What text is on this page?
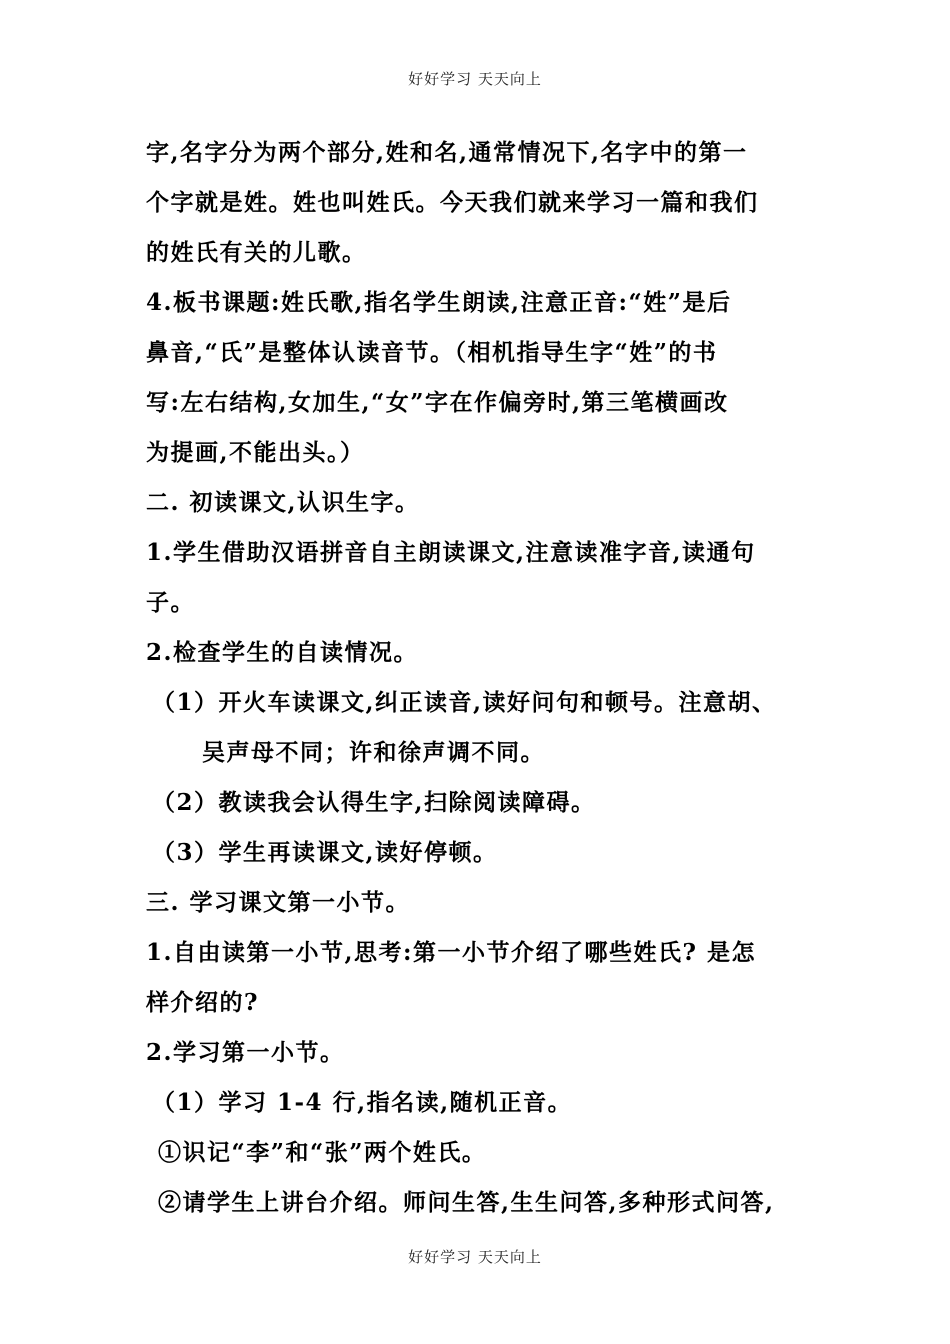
好好学习 天天向上
字,名字分为两个部分,姓和名,通常情况下,名字中的第一
个字就是姓。姓也叫姓氏。今天我们就来学习一篇和我们
的姓氏有关的儿歌。
4.板书课题:姓氏歌,指名学生朗读,注意正音:“姓”是后
鼻音,“氏”是整体认读音节。（相机指导生字“姓”的书
写:左右结构,女加生,“女”字在作偏旁时,第三笔横画改
为提画,不能出头。）
二. 初读课文,认识生字。
1.学生借助汉语拼音自主朗读课文,注意读准字音,读通句
子。
2.检查学生的自读情况。
（1）开火车读课文,纠正读音,读好问句和顿号。注意胡、
吴声母不同；许和徐声调不同。
（2）教读我会认得生字,扫除阅读障碍。
（3）学生再读课文,读好停顿。
三. 学习课文第一小节。
1.自由读第一小节,思考:第一小节介绍了哪些姓氏? 是怎
样介绍的?
2.学习第一小节。
（1）学习 1-4 行,指名读,随机正音。
①识记“李”和“张”两个姓氏。
②请学生上讲台介绍。师问生答,生生问答,多种形式问答,
好好学习 天天向上
